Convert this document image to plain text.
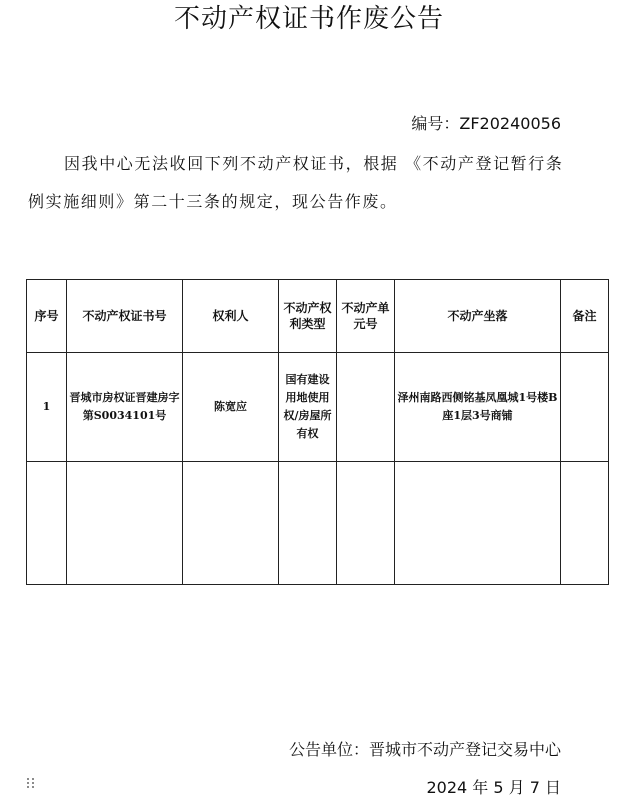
不动产权证书作废公告
编号：ZF20240056
因我中心无法收回下列不动产权证书，根据 《不动产登记暂行条例实施细则》第二十三条的规定，现公告作废。
序号	不动产权证书号	权利人	不动产权利类型	不动产单元号	不动产坐落	备注
1	晋城市房权证晋建房字第S0034101号	陈宽应	国有建设用地使用权/房屋所有权		泽州南路西侧铭基凤凰城1号楼B座1层3号商铺	

公告单位：晋城市不动产登记交易中心
2024 年 5 月 7 日
